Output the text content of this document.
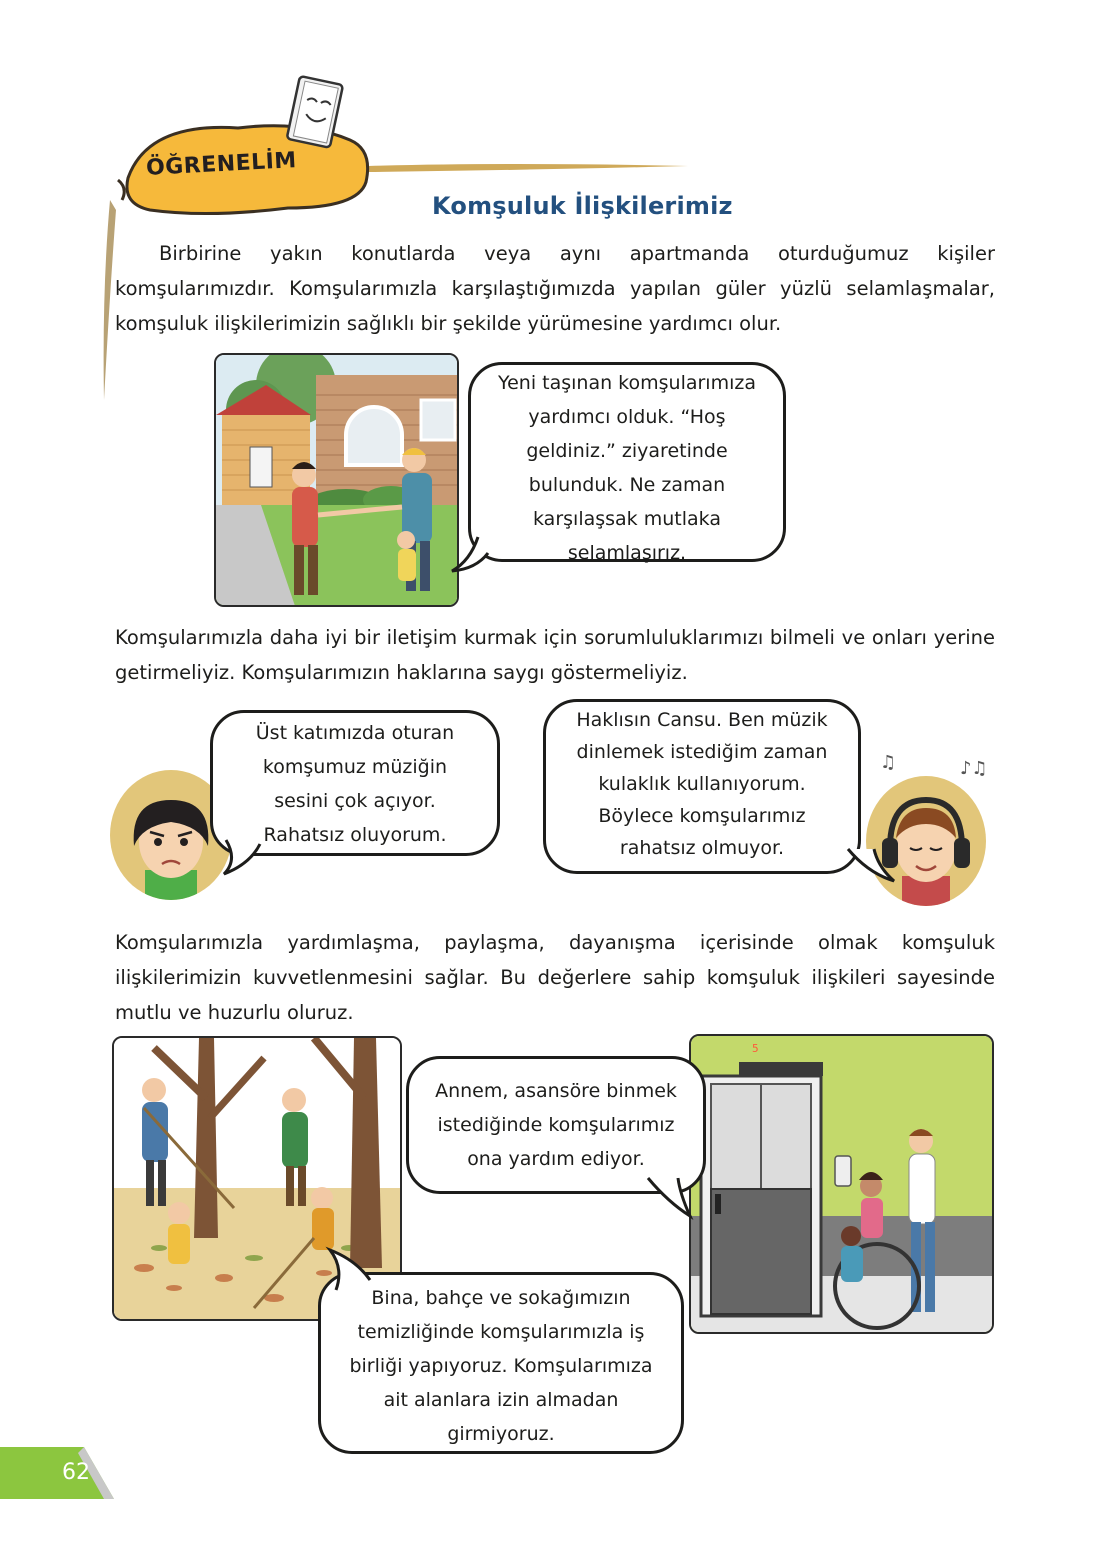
ÖĞRENELİM
Komşuluk İlişkilerimiz
Birbirine yakın konutlarda veya aynı apartmanda oturduğumuz kişiler komşularımızdır. Komşularımızla karşılaştığımızda yapılan güler yüzlü selamlaşmalar, komşuluk ilişkilerimizin sağlıklı bir şekilde yürümesine yardımcı olur.
Yeni taşınan komşularımıza yardımcı olduk. “Hoş geldiniz.” ziyaretinde bulunduk. Ne zaman karşılaşsak mutlaka selamlaşırız.
Komşularımızla daha iyi bir iletişim kurmak için sorumluluklarımızı bilmeli ve onları yerine getirmeliyiz. Komşularımızın haklarına saygı göstermeliyiz.
Üst katımızda oturan komşumuz müziğin sesini çok açıyor. Rahatsız oluyorum.
♫	♪♫
Haklısın Cansu. Ben müzik dinlemek istediğim zaman kulaklık kullanıyorum. Böylece komşularımız rahatsız olmuyor.
Komşularımızla yardımlaşma, paylaşma, dayanışma içerisinde olmak komşuluk ilişkilerimizin kuvvetlenmesini sağlar. Bu değerlere sahip komşuluk ilişkileri sayesinde mutlu ve huzurlu oluruz.
5
Annem, asansöre binmek istediğinde komşularımız ona yardım ediyor.
Bina, bahçe ve sokağımızın temizliğinde komşularımızla iş birliği yapıyoruz. Komşularımıza ait alanlara izin almadan girmiyoruz.
62
